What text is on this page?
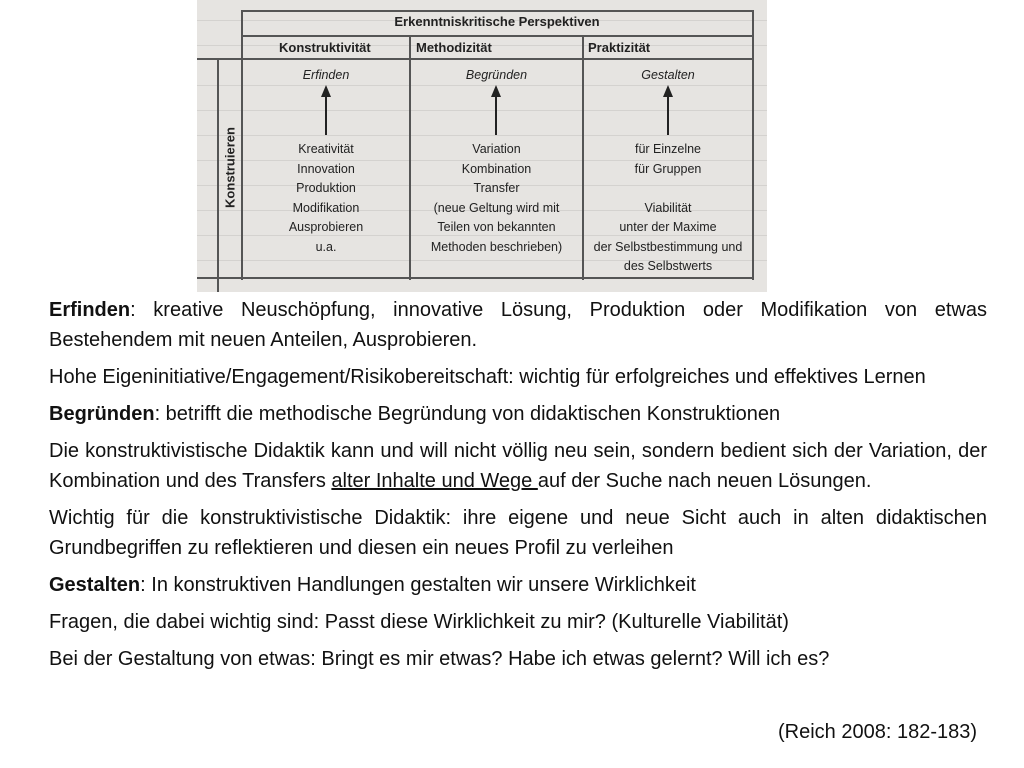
Erkenntniskritische Perspektiven
Konstruktivität	Methodizität	Praktizität
Konstruieren
Erfinden
Kreativität
Innovation
Produktion
Modifikation
Ausprobieren
u.a.
Begründen
Variation
Kombination
Transfer
(neue Geltung wird mit
Teilen von bekannten
Methoden beschrieben)
Gestalten
für Einzelne
für Gruppen
Viabilität
unter der Maxime
der Selbstbestimmung und
des Selbstwerts

Erfinden: kreative Neuschöpfung, innovative Lösung, Produktion oder Modifikation von etwas Bestehendem mit neuen Anteilen, Ausprobieren.

Hohe Eigeninitiative/Engagement/Risikobereitschaft: wichtig für erfolgreiches und effektives Lernen

Begründen: betrifft die methodische Begründung von didaktischen Konstruktionen

Die konstruktivistische Didaktik kann und will nicht völlig neu sein, sondern bedient sich der Variation, der Kombination und des Transfers alter Inhalte und Wege auf der Suche nach neuen Lösungen.

Wichtig für die konstruktivistische Didaktik: ihre eigene und neue Sicht auch in alten didaktischen Grundbegriffen zu reflektieren und diesen ein neues Profil zu verleihen

Gestalten: In konstruktiven Handlungen gestalten wir unsere Wirklichkeit

Fragen, die dabei wichtig sind: Passt diese Wirklichkeit zu mir? (Kulturelle Viabilität)

Bei der Gestaltung von etwas: Bringt es mir etwas? Habe ich etwas gelernt? Will ich es?

(Reich 2008: 182-183)
